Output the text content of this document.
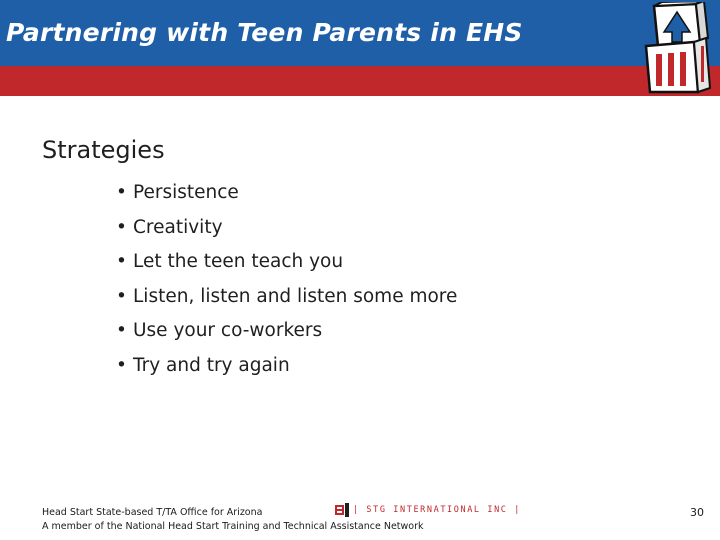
Partnering with Teen Parents in EHS
Strategies
• Persistence
• Creativity
• Let the teen teach you
• Listen, listen and listen some more
• Use your co-workers
• Try and try again
Head Start State-based T/TA Office for Arizona
A member of the National Head Start Training and Technical Assistance Network
| STG INTERNATIONAL INC |	30
